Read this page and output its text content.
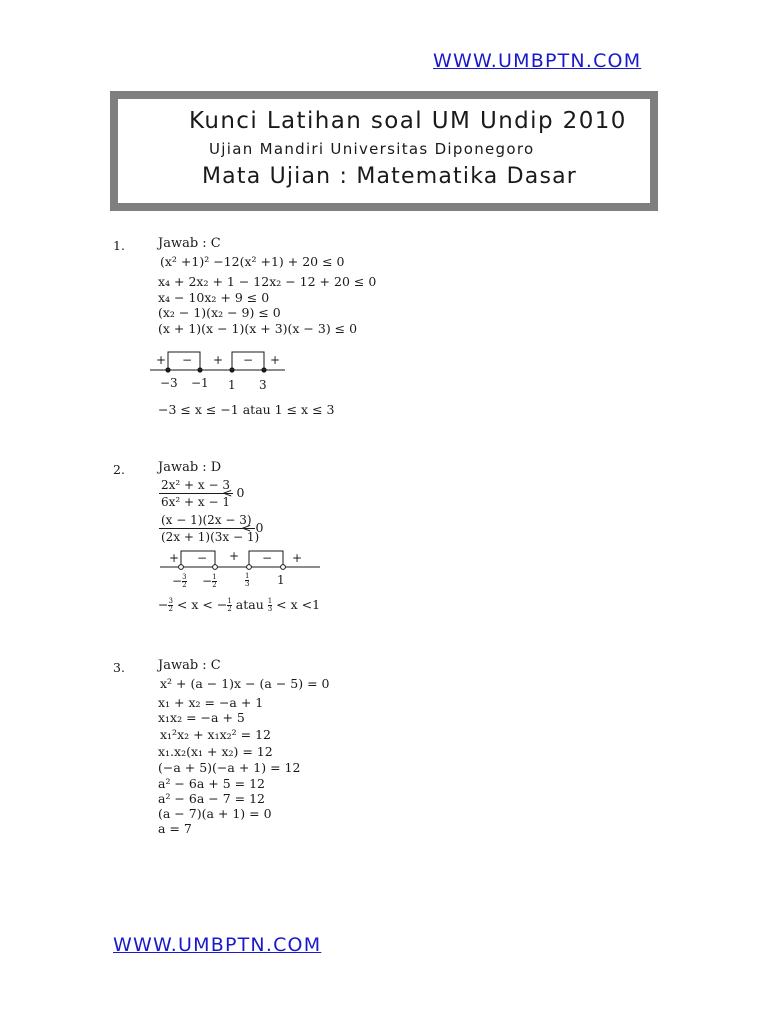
WWW.UMBPTN.COM
Kunci Latihan soal UM Undip 2010
Ujian Mandiri Universitas Diponegoro
Mata Ujian : Matematika Dasar
1.	Jawab : C
(x² +1)² −12(x² +1) + 20 ≤ 0
x₄ + 2x₂ + 1 − 12x₂ − 12 + 20 ≤ 0
x₄ − 10x₂ + 9 ≤ 0
(x₂ − 1)(x₂ − 9) ≤ 0
(x + 1)(x − 1)(x + 3)(x − 3) ≤ 0
+ − + − +
−3 −1 1 3
−3 ≤ x ≤ −1 atau 1 ≤ x ≤ 3
2.	Jawab : D
$\frac{\text{2x² + x − 3}}{\text{6x² + x − 1}}$
< 0
$\frac{(x - 1)(2x - 3)}{(2x + 1)(3x - 1)}$
< 0
+ − + − +
− $\frac{3}{2} - \frac{1}{2}$	$\frac{1}{3} 1$
− $\frac{3}{2} < x$ < − $\frac{1}{2}$ atau $\frac{1}{3} < x <1$
3.	Jawab : C
x² + (a − 1)x − (a − 5) = 0
x₁ + x₂ = −a + 1
x₁x₂ = −a + 5
x₁²x₂ + x₁x₂² = 12
x₁.x₂(x₁ + x₂) = 12
(−a + 5)(−a + 1) = 12
a² − 6a + 5 = 12
a² − 6a − 7 = 12
(a − 7)(a + 1) = 0
a = 7
WWW.UMBPTN.COM
